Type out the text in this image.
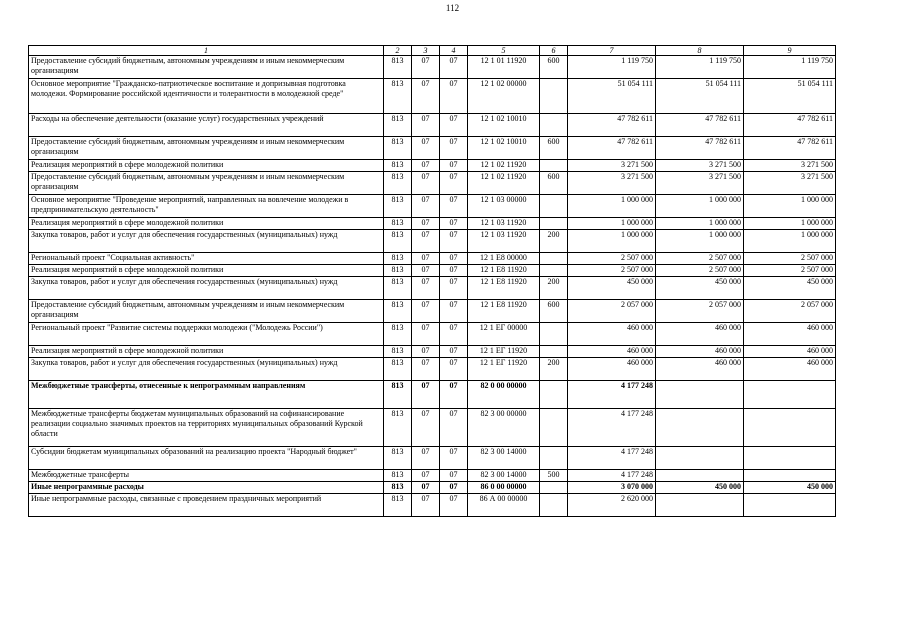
112
1	2	3	4	5	6	7	8	9
Предоставление субсидий бюджетным, автономным учреждениям и иным некоммерческим организациям	813	07	07	12 1 01 11920	600	1 119 750	1 119 750	1 119 750
Основное мероприятие "Гражданско-патриотическое воспитание и допризывная подготовка молодежи. Формирование российской идентичности и толерантности в молодежной среде"	813	07	07	12 1 02 00000		51 054 111	51 054 111	51 054 111
Расходы на обеспечение деятельности (оказание услуг) государственных учреждений	813	07	07	12 1 02 10010		47 782 611	47 782 611	47 782 611
Предоставление субсидий бюджетным, автономным учреждениям и иным некоммерческим организациям	813	07	07	12 1 02 10010	600	47 782 611	47 782 611	47 782 611
Реализация мероприятий в сфере молодежной политики	813	07	07	12 1 02 11920		3 271 500	3 271 500	3 271 500
Предоставление субсидий бюджетным, автономным учреждениям и иным некоммерческим организациям	813	07	07	12 1 02 11920	600	3 271 500	3 271 500	3 271 500
Основное мероприятие "Проведение мероприятий, направленных на вовлечение молодежи в предпринимательскую деятельность"	813	07	07	12 1 03 00000		1 000 000	1 000 000	1 000 000
Реализация мероприятий в сфере молодежной политики	813	07	07	12 1 03 11920		1 000 000	1 000 000	1 000 000
Закупка товаров, работ и услуг для обеспечения государственных (муниципальных) нужд	813	07	07	12 1 03 11920	200	1 000 000	1 000 000	1 000 000
Региональный проект "Социальная активность"	813	07	07	12 1 Е8 00000		2 507 000	2 507 000	2 507 000
Реализация мероприятий в сфере молодежной политики	813	07	07	12 1 Е8 11920		2 507 000	2 507 000	2 507 000
Закупка товаров, работ и услуг для обеспечения государственных (муниципальных) нужд	813	07	07	12 1 Е8 11920	200	450 000	450 000	450 000
Предоставление субсидий бюджетным, автономным учреждениям и иным некоммерческим организациям	813	07	07	12 1 Е8 11920	600	2 057 000	2 057 000	2 057 000
Региональный проект "Развитие системы поддержки молодежи ("Молодежь России")	813	07	07	12 1 ЕГ 00000		460 000	460 000	460 000
Реализация мероприятий в сфере молодежной политики	813	07	07	12 1 ЕГ 11920		460 000	460 000	460 000
Закупка товаров, работ и услуг для обеспечения государственных (муниципальных) нужд	813	07	07	12 1 ЕГ 11920	200	460 000	460 000	460 000
Межбюджетные трансферты, отнесенные к непрограммным направлениям	813	07	07	82 0 00 00000		4 177 248		
Межбюджетные трансферты бюджетам муниципальных образований на софинансирование реализации социально значимых проектов на территориях муниципальных образований Курской области	813	07	07	82 3 00 00000		4 177 248		
Субсидии бюджетам муниципальных образований на реализацию проекта "Народный бюджет"	813	07	07	82 3 00 14000		4 177 248		
Межбюджетные трансферты	813	07	07	82 3 00 14000	500	4 177 248		
Иные непрограммные расходы	813	07	07	86 0 00 00000		3 070 000	450 000	450 000
Иные непрограммные расходы, связанные с проведением праздничных мероприятий	813	07	07	86 А 00 00000		2 620 000		
